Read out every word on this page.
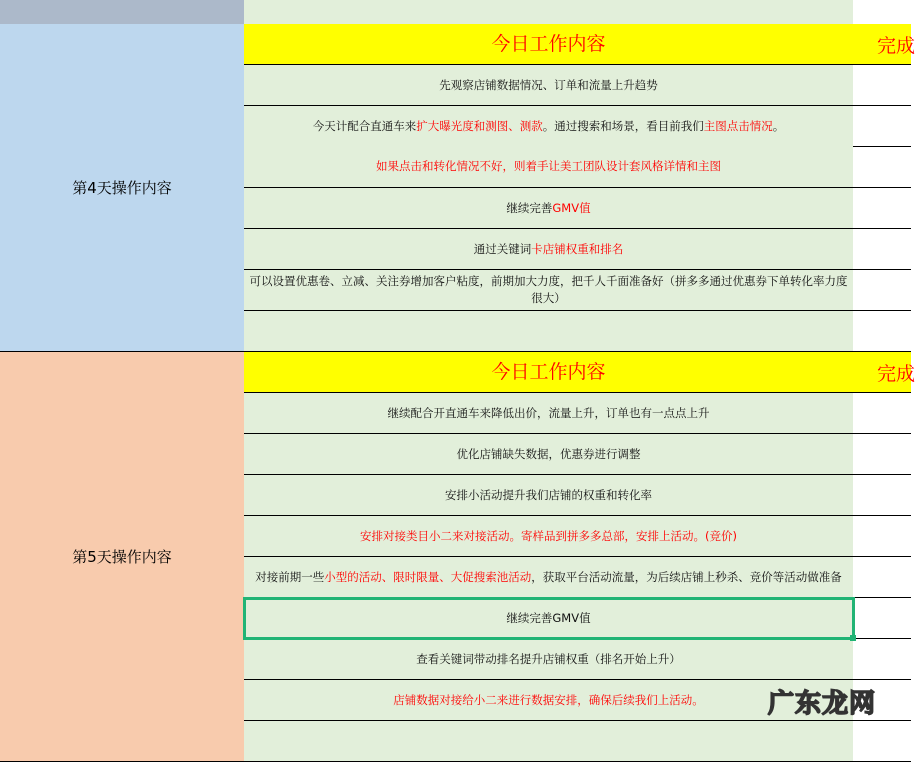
第4天操作内容
今日工作内容	完成
先观察店铺数据情况、订单和流量上升趋势
今天计配合直通车来扩大曝光度和测图、测款。通过搜索和场景，看目前我们主图点击情况。
如果点击和转化情况不好，则着手让美工团队设计套风格详情和主图
继续完善GMV值
通过关键词卡店铺权重和排名
可以设置优惠卷、立减、关注券增加客户粘度，前期加大力度，把千人千面准备好（拼多多通过优惠券下单转化率力度很大）
第5天操作内容
今日工作内容	完成
继续配合开直通车来降低出价，流量上升，订单也有一点点上升
优化店铺缺失数据，优惠券进行调整
安排小活动提升我们店铺的权重和转化率
安排对接类目小二来对接活动。寄样品到拼多多总部，安排上活动。(竞价)
对接前期一些小型的活动、限时限量、大促搜索池活动，获取平台活动流量，为后续店铺上秒杀、竞价等活动做准备
继续完善GMV值
查看关键词带动排名提升店铺权重（排名开始上升）
店铺数据对接给小二来进行数据安排，确保后续我们上活动。 广东龙网
